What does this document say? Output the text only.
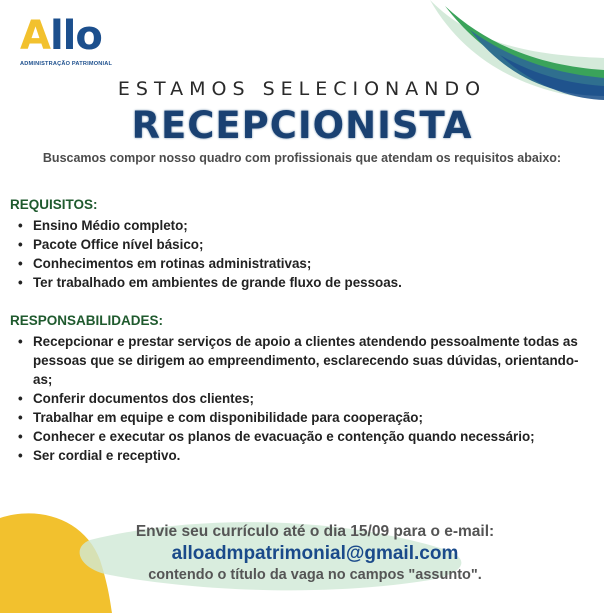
Allo
ADMINISTRAÇÃO PATRIMONIAL
ESTAMOS SELECIONANDO
RECEPCIONISTA
Buscamos compor nosso quadro com profissionais que atendam os requisitos abaixo:
REQUISITOS:
• Ensino Médio completo;
• Pacote Office nível básico;
• Conhecimentos em rotinas administrativas;
• Ter trabalhado em ambientes de grande fluxo de pessoas.
RESPONSABILIDADES:
• Recepcionar e prestar serviços de apoio a clientes atendendo pessoalmente todas as pessoas que se dirigem ao empreendimento, esclarecendo suas dúvidas, orientando-as;
• Conferir documentos dos clientes;
• Trabalhar em equipe e com disponibilidade para cooperação;
• Conhecer e executar os planos de evacuação e contenção quando necessário;
• Ser cordial e receptivo.
Envie seu currículo até o dia 15/09 para o e-mail:
alloadmpatrimonial@gmail.com
contendo o título da vaga no campos "assunto".
